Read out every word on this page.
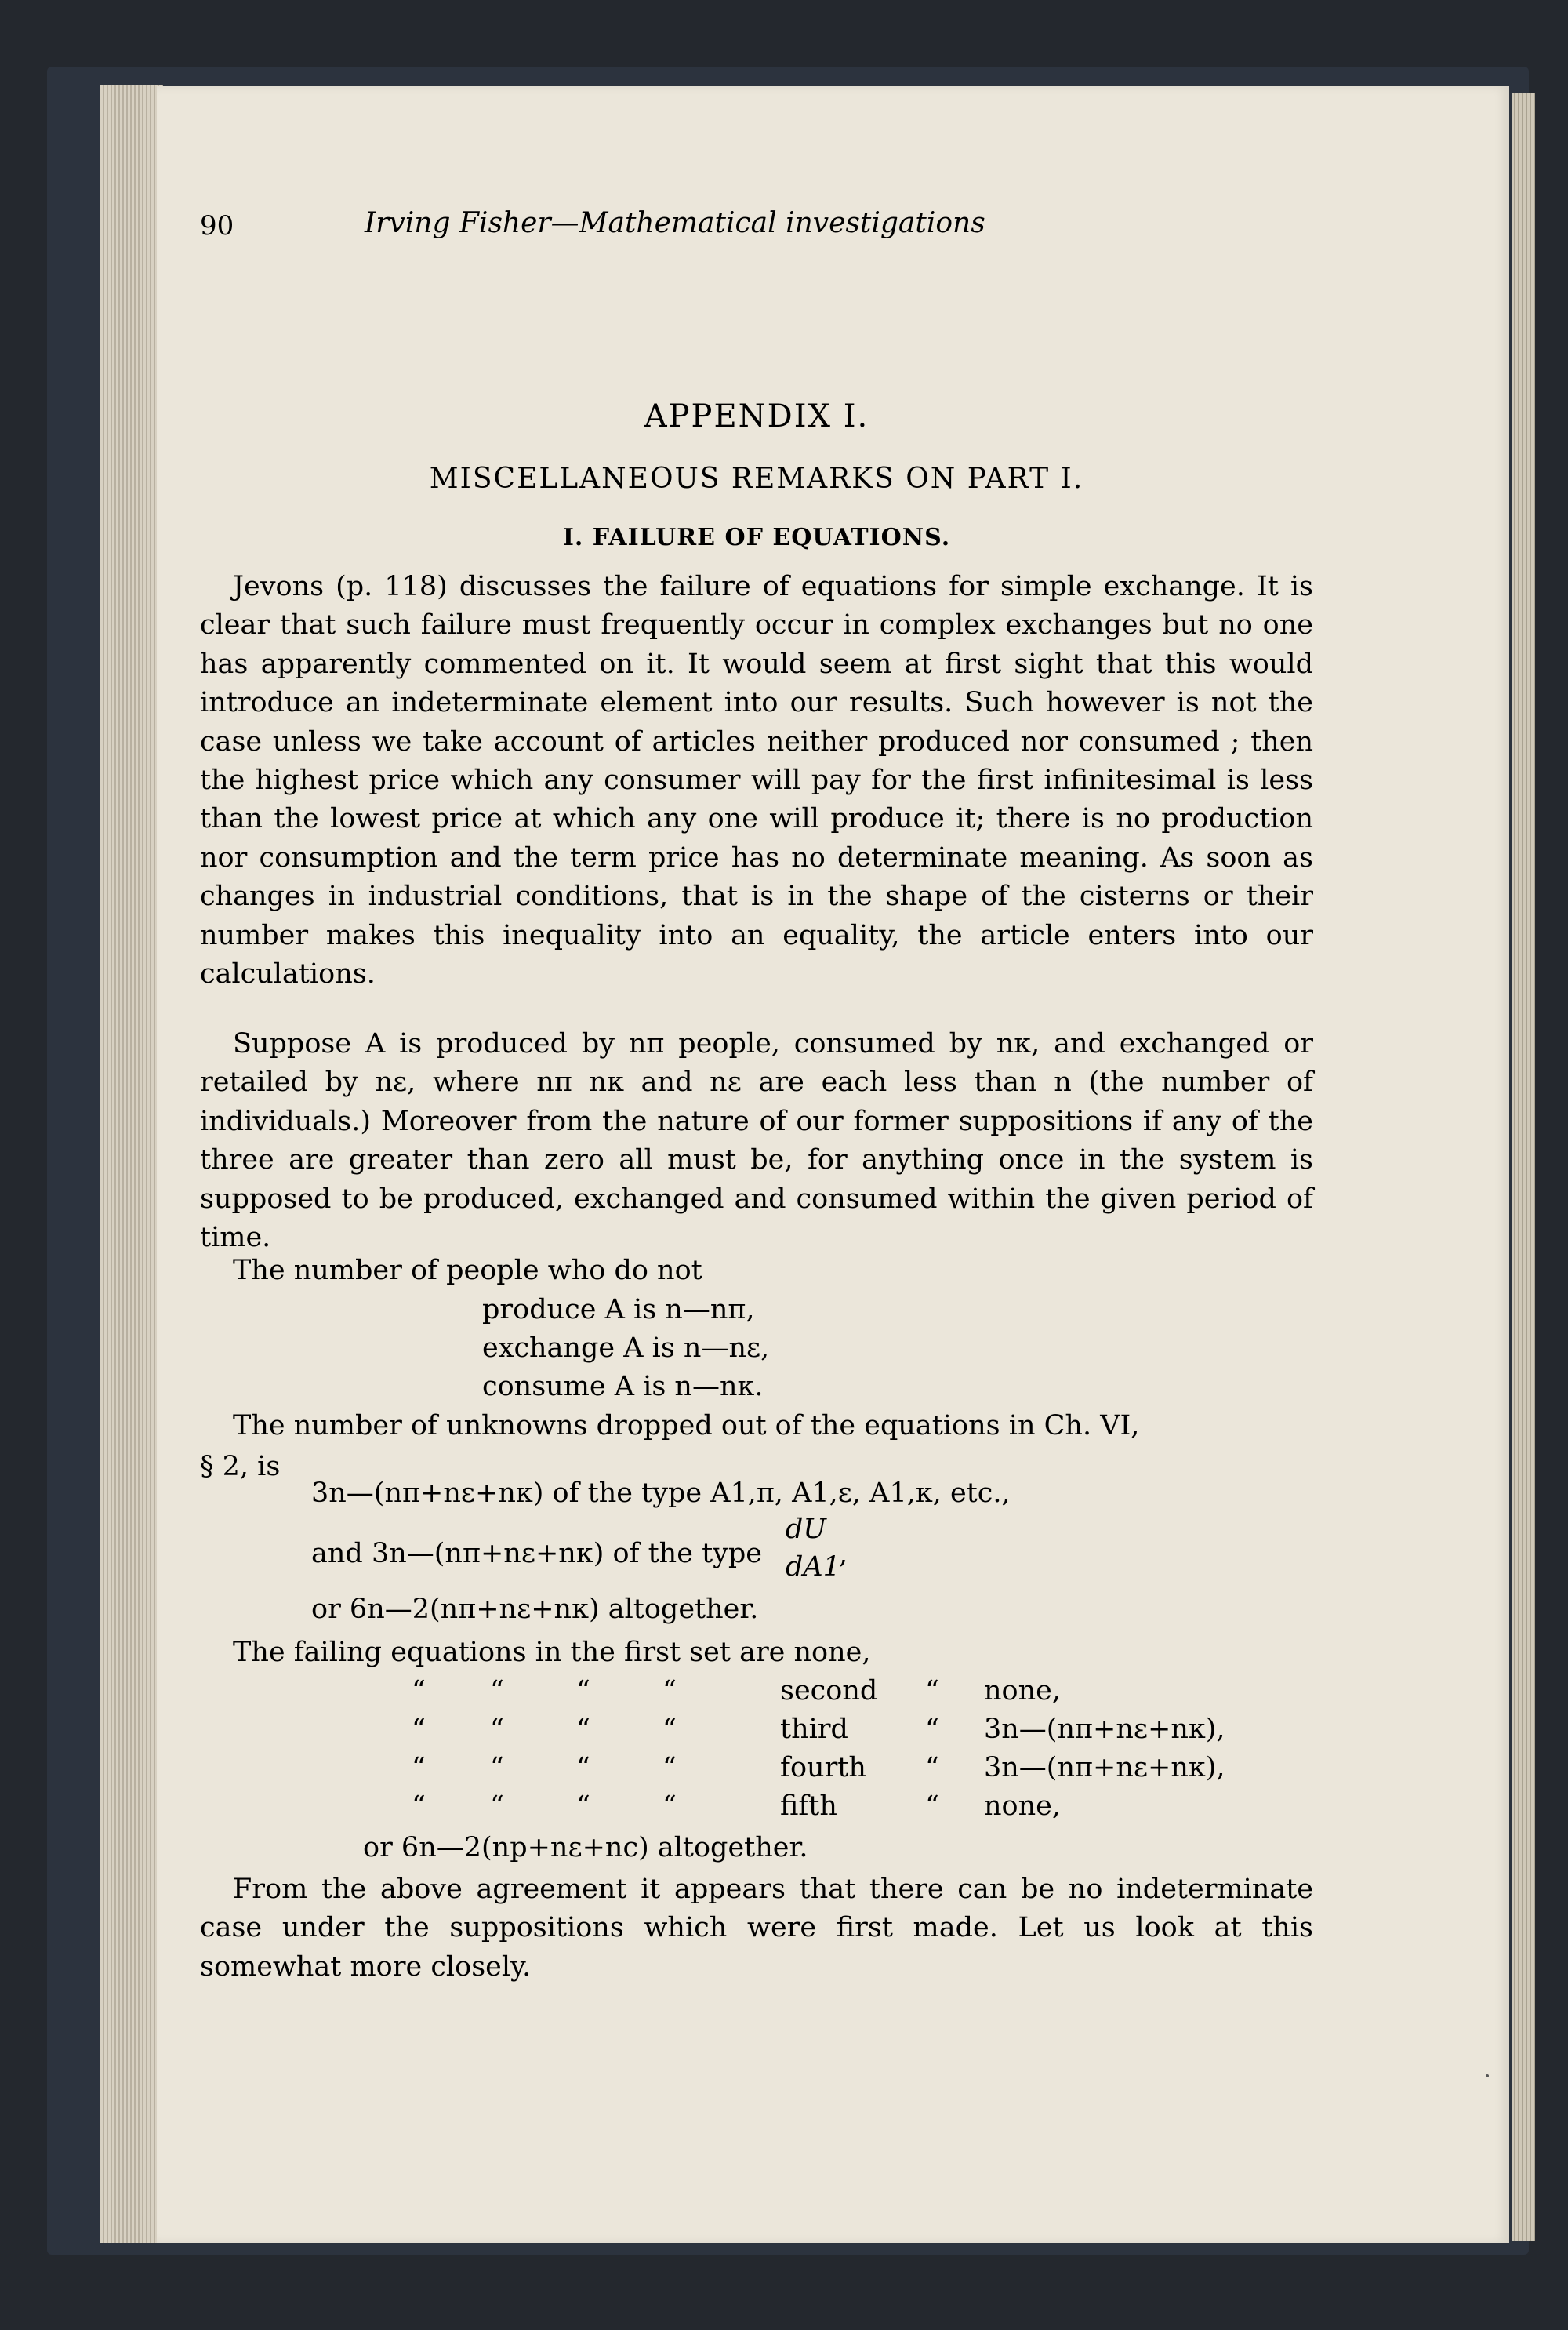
90	Irving Fisher—Mathematical investigations
APPENDIX I.
MISCELLANEOUS REMARKS ON PART I.
I. FAILURE OF EQUATIONS.

Jevons (p. 118) discusses the failure of equations for simple exchange. It is clear that such failure must frequently occur in complex exchanges but no one has apparently commented on it. It would seem at first sight that this would introduce an indeterminate element into our results. Such however is not the case unless we take account of articles neither produced nor consumed ; then the highest price which any consumer will pay for the first infinitesimal is less than the lowest price at which any one will produce it; there is no production nor consumption and the term price has no determinate meaning. As soon as changes in industrial conditions, that is in the shape of the cisterns or their number makes this inequality into an equality, the article enters into our calculations.

Suppose A is produced by nπ people, consumed by nκ, and exchanged or retailed by nε, where nπ nκ and nε are each less than n (the number of individuals.) Moreover from the nature of our former suppositions if any of the three are greater than zero all must be, for anything once in the system is supposed to be produced, exchanged and consumed within the given period of time.

The number of people who do not
produce A is n—nπ,
exchange A is n—nε,
consume A is n—nκ.
The number of unknowns dropped out of the equations in Ch. VI,
§ 2, is
3n—(nπ+nε+nκ) of the type A1,π, A1,ε, A1,κ, etc.,
and 3n—(nπ+nε+nκ) of the type
dU
dA1
,
or 6n—2(nπ+nε+nκ) altogether.
The failing equations in the first set are none,
“ “	“	“	second “ none,
“ “	“	“	third	“ 3n—(nπ+nε+nκ),
“ “	“	“	fourth “ 3n—(nπ+nε+nκ),
“ “	“	“	fifth	“ none,
or 6n—2(np+nε+nc) altogether.

From the above agreement it appears that there can be no indeterminate case under the suppositions which were first made. Let us look at this somewhat more closely.
